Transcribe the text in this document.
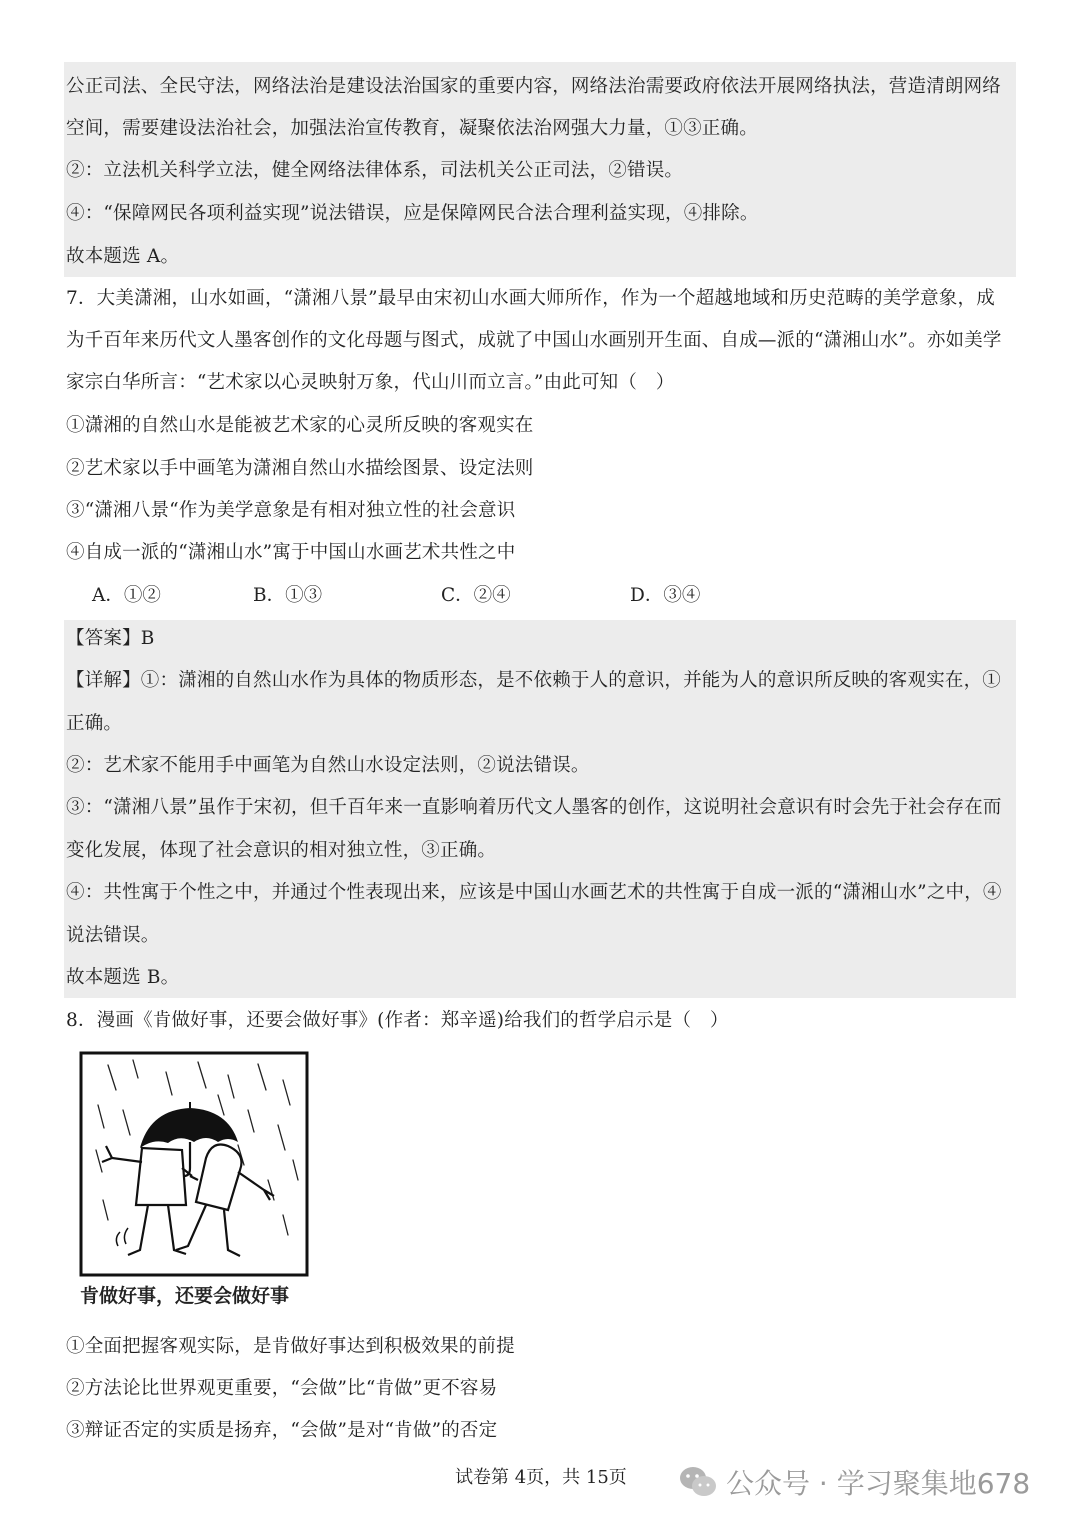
公正司法、全民守法，网络法治是建设法治国家的重要内容，网络法治需要政府依法开展网络执法，营造清朗网络
空间，需要建设法治社会，加强法治宣传教育，凝聚依法治网强大力量，①③正确。
②：立法机关科学立法，健全网络法律体系，司法机关公正司法，②错误。
④：“保障网民各项利益实现”说法错误，应是保障网民合法合理利益实现，④排除。
故本题选 A。
7．大美潇湘，山水如画，“潇湘八景”最早由宋初山水画大师所作，作为一个超越地域和历史范畴的美学意象，成
为千百年来历代文人墨客创作的文化母题与图式，成就了中国山水画别开生面、自成—派的“潇湘山水”。亦如美学
家宗白华所言：“艺术家以心灵映射万象，代山川而立言。”由此可知（　）
①潇湘的自然山水是能被艺术家的心灵所反映的客观实在
②艺术家以手中画笔为潇湘自然山水描绘图景、设定法则
③“潇湘八景“作为美学意象是有相对独立性的社会意识
④自成一派的“潇湘山水”寓于中国山水画艺术共性之中
A．①②	B．①③	C．②④	D．③④
【答案】B
【详解】①：潇湘的自然山水作为具体的物质形态，是不依赖于人的意识，并能为人的意识所反映的客观实在，①
正确。
②：艺术家不能用手中画笔为自然山水设定法则，②说法错误。
③：“潇湘八景”虽作于宋初，但千百年来一直影响着历代文人墨客的创作，这说明社会意识有时会先于社会存在而
变化发展，体现了社会意识的相对独立性，③正确。
④：共性寓于个性之中，并通过个性表现出来，应该是中国山水画艺术的共性寓于自成一派的“潇湘山水”之中，④
说法错误。
故本题选 B。
8．漫画《肯做好事，还要会做好事》(作者：郑辛遥)给我们的哲学启示是（　）
肯做好事，还要会做好事
①全面把握客观实际，是肯做好事达到积极效果的前提
②方法论比世界观更重要，“会做”比“肯做”更不容易
③辩证否定的实质是扬弃，“会做”是对“肯做”的否定
试卷第 4页，共 15页	公众号 · 学习聚集地678
